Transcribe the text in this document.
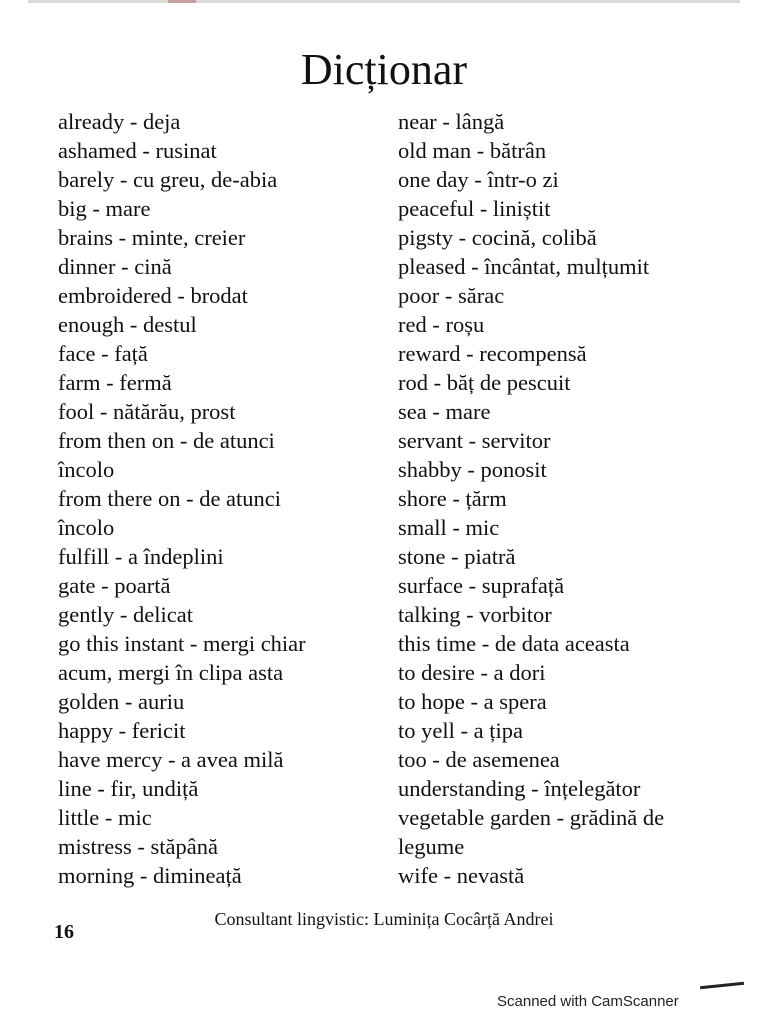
Dicționar
already - deja
ashamed - rusinat
barely - cu greu, de-abia
big - mare
brains - minte, creier
dinner - cină
embroidered - brodat
enough - destul
face - față
farm - fermă
fool - nătărău, prost
from then on - de atunci
încolo
from there on - de atunci
încolo
fulfill - a îndeplini
gate - poartă
gently - delicat
go this instant - mergi chiar
acum, mergi în clipa asta
golden - auriu
happy - fericit
have mercy - a avea milă
line - fir, undiță
little - mic
mistress - stăpână
morning - dimineață
near - lângă
old man - bătrân
one day - într-o zi
peaceful - liniștit
pigsty - cocină, colibă
pleased - încântat, mulțumit
poor - sărac
red - roșu
reward - recompensă
rod - băț de pescuit
sea - mare
servant - servitor
shabby - ponosit
shore - țărm
small - mic
stone - piatră
surface - suprafață
talking - vorbitor
this time - de data aceasta
to desire - a dori
to hope - a spera
to yell - a țipa
too - de asemenea
understanding - înțelegător
vegetable garden - grădină de
legume
wife - nevastă
Consultant lingvistic: Luminița Cocârță Andrei
16
Scanned with CamScanner
